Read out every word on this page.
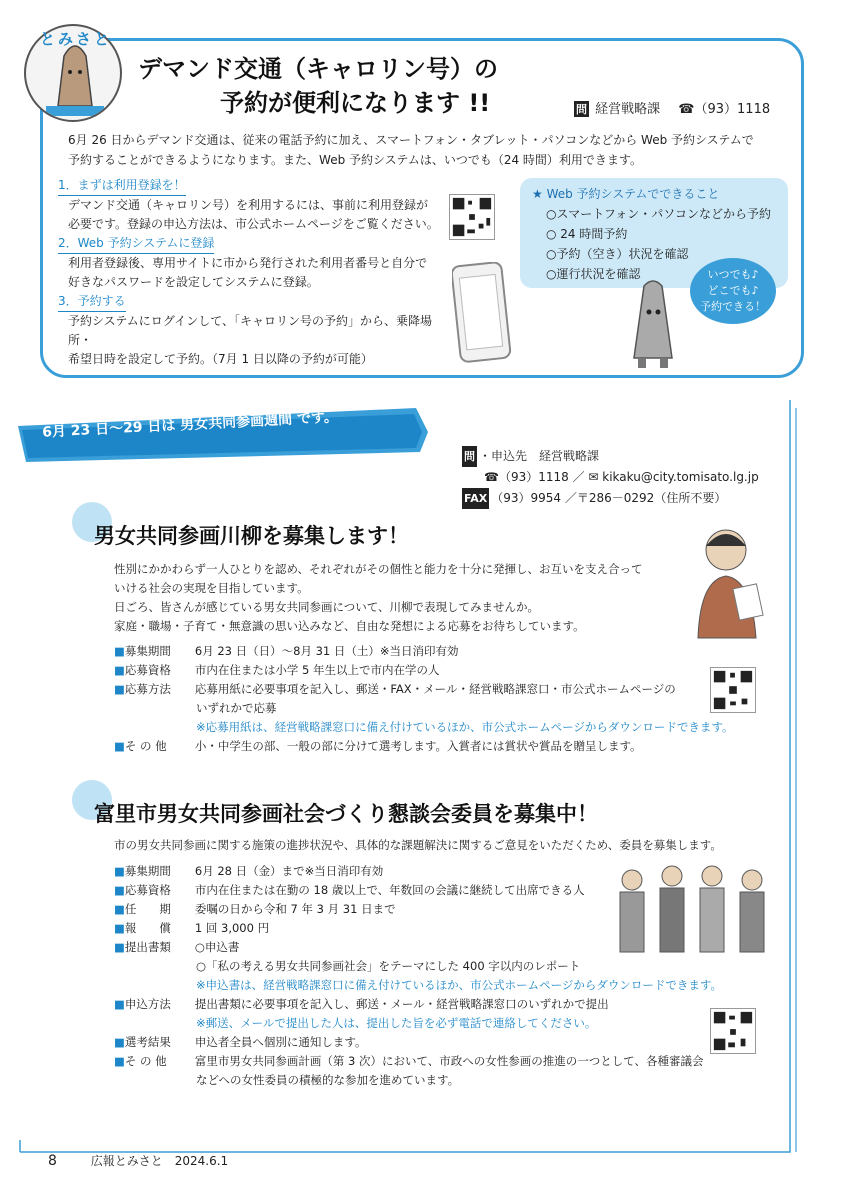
とみさと
デマンド交通（キャロリン号）の
予約が便利になります !!	問 経営戦略課 ☎（93）1118
6月 26 日からデマンド交通は、従来の電話予約に加え、スマートフォン・タブレット・パソコンなどから Web 予約システムで
予約することができるようになります。また、Web 予約システムは、いつでも（24 時間）利用できます。
1．まずは利用登録を！
デマンド交通（キャロリン号）を利用するには、事前に利用登録が
必要です。登録の申込方法は、市公式ホームページをご覧ください。
2．Web 予約システムに登録
利用者登録後、専用サイトに市から発行された利用者番号と自分で
好きなパスワードを設定してシステムに登録。
3．予約する
予約システムにログインして、「キャロリン号の予約」から、乗降場所・
希望日時を設定して予約。（7月 1 日以降の予約が可能）
★ Web 予約システムでできること
○スマートフォン・パソコンなどから予約
○ 24 時間予約
○予約（空き）状況を確認
○運行状況を確認	いつでも♪
どこでも♪
予約できる！
6月 23 日～29 日は 男女共同参画週間 です。
問 ・申込先　経営戦略課
☎（93）1118 ／ ✉ kikaku@city.tomisato.lg.jp
FAX （93）9954 ／〒286－0292（住所不要）
男女共同参画川柳を募集します！
性別にかかわらず一人ひとりを認め、それぞれがその個性と能力を十分に発揮し、お互いを支え合って
いける社会の実現を目指しています。
日ごろ、皆さんが感じている男女共同参画について、川柳で表現してみませんか。
家庭・職場・子育て・無意識の思い込みなど、自由な発想による応募をお待ちしています。
■募集期間 6月 23 日（日）～8月 31 日（土）※当日消印有効
■応募資格 市内在住または小学 5 年生以上で市内在学の人
■応募方法 応募用紙に必要事項を記入し、郵送・FAX・メール・経営戦略課窓口・市公式ホームページの
いずれかで応募
※応募用紙は、経営戦略課窓口に備え付けているほか、市公式ホームページからダウンロードできます。
■そ の 他 小・中学生の部、一般の部に分けて選考します。入賞者には賞状や賞品を贈呈します。
富里市男女共同参画社会づくり懇談会委員を募集中！
市の男女共同参画に関する施策の進捗状況や、具体的な課題解決に関するご意見をいただくため、委員を募集します。
■募集期間 6月 28 日（金）まで※当日消印有効
■応募資格 市内在住または在勤の 18 歳以上で、年数回の会議に継続して出席できる人
■任　　期 委嘱の日から令和 7 年 3 月 31 日まで
■報　　償 1 回 3,000 円
■提出書類 ○申込書
○「私の考える男女共同参画社会」をテーマにした 400 字以内のレポート
※申込書は、経営戦略課窓口に備え付けているほか、市公式ホームページからダウンロードできます。
■申込方法 提出書類に必要事項を記入し、郵送・メール・経営戦略課窓口のいずれかで提出
※郵送、メールで提出した人は、提出した旨を必ず電話で連絡してください。
■選考結果 申込者全員へ個別に通知します。
■そ の 他 富里市男女共同参画計画（第 3 次）において、市政への女性参画の推進の一つとして、各種審議会
などへの女性委員の積極的な参加を進めています。
8	広報とみさと　2024.6.1
